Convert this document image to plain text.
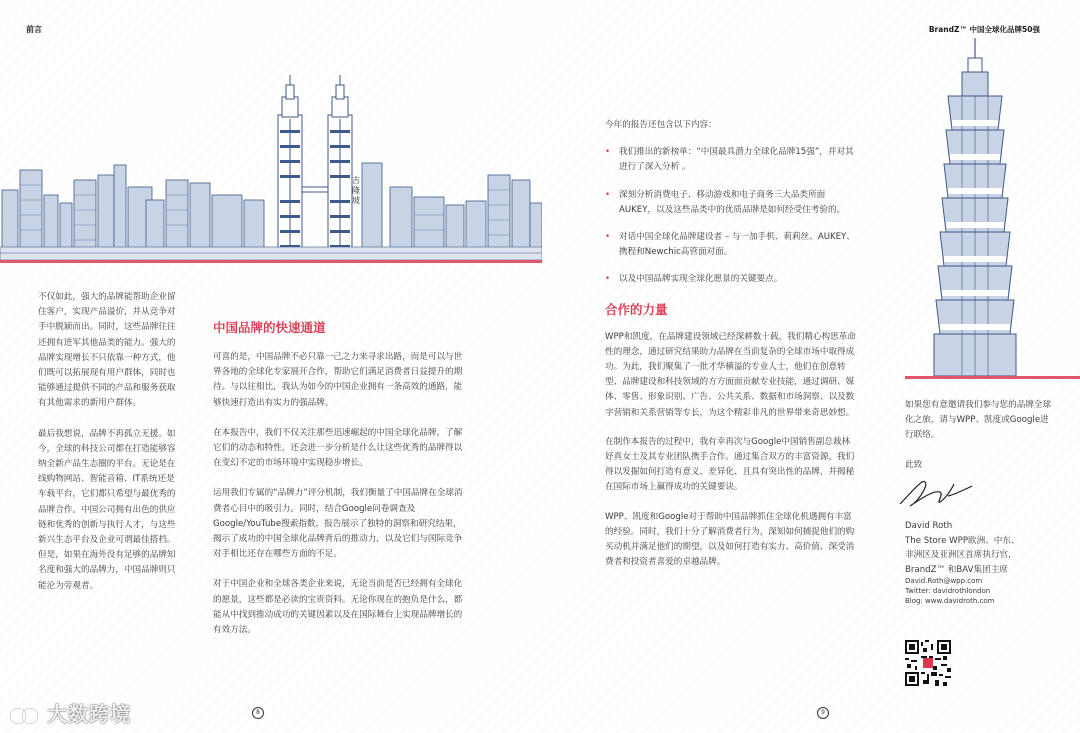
前言	BrandZ™ 中国全球化品牌50强
吉隆坡

不仅如此，强大的品牌能帮助企业留住客户，实现产品溢价，并从竞争对手中脱颖而出。同时，这些品牌往往还拥有进军其他品类的能力。强大的品牌实现增长不只依靠一种方式，他们既可以拓展现有用户群体，同时也能够通过提供不同的产品和服务获取有其他需求的新用户群体。

最后我想说，品牌不再孤立无援。如今，全球的科技公司都在打造能够容纳全新产品生态圈的平台。无论是在线购物网站、智能音箱、IT系统还是车载平台，它们都只希望与最优秀的品牌合作。中国公司拥有出色的供应链和优秀的创新与执行人才，与这些新兴生态平台及企业可谓最佳搭档。但是，如果在海外没有足够的品牌知名度和强大的品牌力，中国品牌则只能沦为旁观者。

中国品牌的快速通道

可喜的是，中国品牌不必只靠一己之力来寻求出路，而是可以与世界各地的全球化专家展开合作，帮助它们满足消费者日益提升的期待。与以往相比，我认为如今的中国企业拥有一条高效的通路，能够快速打造出有实力的强品牌。

在本报告中，我们不仅关注那些迅速崛起的中国全球化品牌，了解它们的动态和特性，还会进一步分析是什么让这些优秀的品牌得以在变幻不定的市场环境中实现稳步增长。

运用我们专属的“品牌力”评分机制，我们衡量了中国品牌在全球消费者心目中的吸引力。同时，结合Google问卷调查及Google/YouTube搜索指数，报告展示了独特的洞察和研究结果，揭示了成功的中国全球化品牌背后的推动力，以及它们与国际竞争对手相比还存在哪些方面的不足。

对于中国企业和全球各类企业来说，无论当前是否已经拥有全球化的愿景，这些都是必读的宝贵资料。无论你现在的抱负是什么，都能从中找到推动成功的关键因素以及在国际舞台上实现品牌增长的有效方法。

8

今年的报告还包含以下内容：

• 我们推出的新榜单：“中国最具潜力全球化品牌15强”，并对其进行了深入分析 。
• 深刻分析消费电子、移动游戏和电子商务三大品类所面AUKEY，以及这些品类中的优质品牌是如何经受住考验的。
• 对话中国全球化品牌建设者 – 与一加手机、莉莉丝、AUKEY、携程和Newchic高管面对面。
• 以及中国品牌实现全球化愿景的关键要点。

合作的力量

WPP和凯度，在品牌建设领域已经深耕数十载。我们精心构思革命性的理念，通过研究结果助力品牌在当前复杂的全球市场中取得成功。为此，我们聚集了一批才华横溢的专业人士，他们在创意转型、品牌建设和科技领域的方方面面贡献专业技能，通过调研、媒体、零售、形象识别、广告、公共关系、数据和市场洞察、以及数字营销和关系营销等专长，为这个精彩非凡的世界带来奇思妙想。

在制作本报告的过程中，我有幸再次与Google中国销售副总裁林妤真女士及其专业团队携手合作。通过集合双方的丰富资源，我们得以发掘如何打造有意义、差异化、且具有突出性的品牌，并揭秘在国际市场上赢得成功的关键要诀。

WPP、凯度和Google对于帮助中国品牌抓住全球化机遇拥有丰富的经验。同时，我们十分了解消费者行为，深知如何捕捉他们的购买动机并满足他们的期望，以及如何打造有实力、高价值、深受消费者和投资者喜爱的卓越品牌。

9

如果您有意邀请我们参与您的品牌全球化之旅，请与WPP、凯度或Google进行联络。

此致

David Roth
The Store WPP欧洲、中东、
非洲区及亚洲区首席执行官,
BrandZ™ 和BAV集团主席
David.Roth@wpp.com
Twitter: davidrothlondon
Blog: www.davidroth.com
大数跨境
